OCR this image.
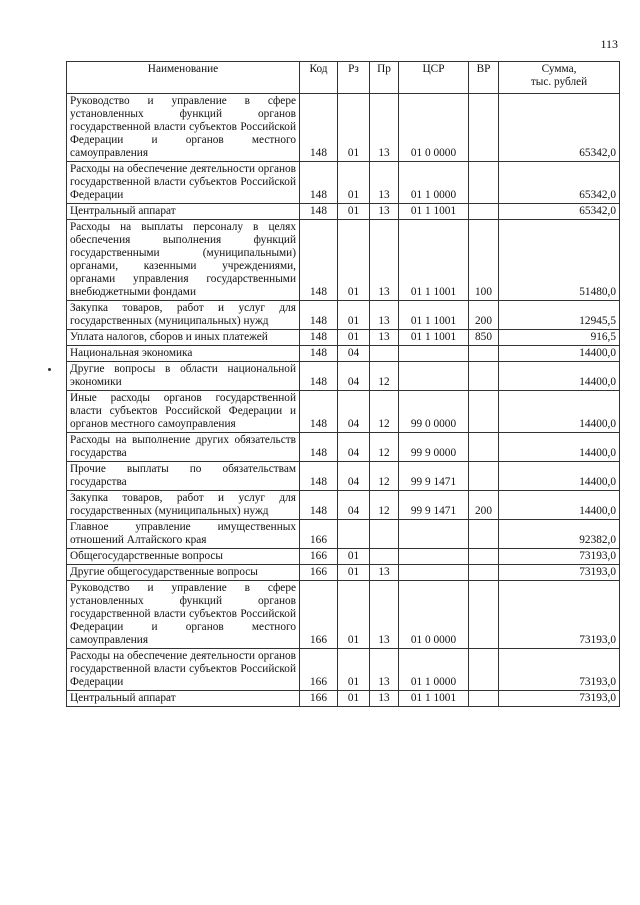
113
Наименование	Код	Рз	Пр	ЦСР	ВР	Сумма,
тыс. рублей
Руководство и управление в сфере установленных функций органов государственной власти субъектов Российской Федерации и органов местного самоуправления	148	01	13	01 0 0000		65342,0
Расходы на обеспечение деятельности органов государственной власти субъектов Российской Федерации	148	01	13	01 1 0000		65342,0
Центральный аппарат	148	01	13	01 1 1001		65342,0
Расходы на выплаты персоналу в целях обеспечения выполнения функций государственными (муниципальными) органами, казенными учреждениями, органами управления государственными внебюджетными фондами	148	01	13	01 1 1001	100	51480,0
Закупка товаров, работ и услуг для государственных (муниципальных) нужд	148	01	13	01 1 1001	200	12945,5
Уплата налогов, сборов и иных платежей	148	01	13	01 1 1001	850	916,5
Национальная экономика	148	04				14400,0
Другие вопросы в области национальной экономики	148	04	12			14400,0
Иные расходы органов государственной власти субъектов Российской Федерации и органов местного самоуправления	148	04	12	99 0 0000		14400,0
Расходы на выполнение других обязательств государства	148	04	12	99 9 0000		14400,0
Прочие выплаты по обязательствам государства	148	04	12	99 9 1471		14400,0
Закупка товаров, работ и услуг для государственных (муниципальных) нужд	148	04	12	99 9 1471	200	14400,0
Главное управление имущественных отношений Алтайского края	166					92382,0
Общегосударственные вопросы	166	01				73193,0
Другие общегосударственные вопросы	166	01	13			73193,0
Руководство и управление в сфере установленных функций органов государственной власти субъектов Российской Федерации и органов местного самоуправления	166	01	13	01 0 0000		73193,0
Расходы на обеспечение деятельности органов государственной власти субъектов Российской Федерации	166	01	13	01 1 0000		73193,0
Центральный аппарат	166	01	13	01 1 1001		73193,0
